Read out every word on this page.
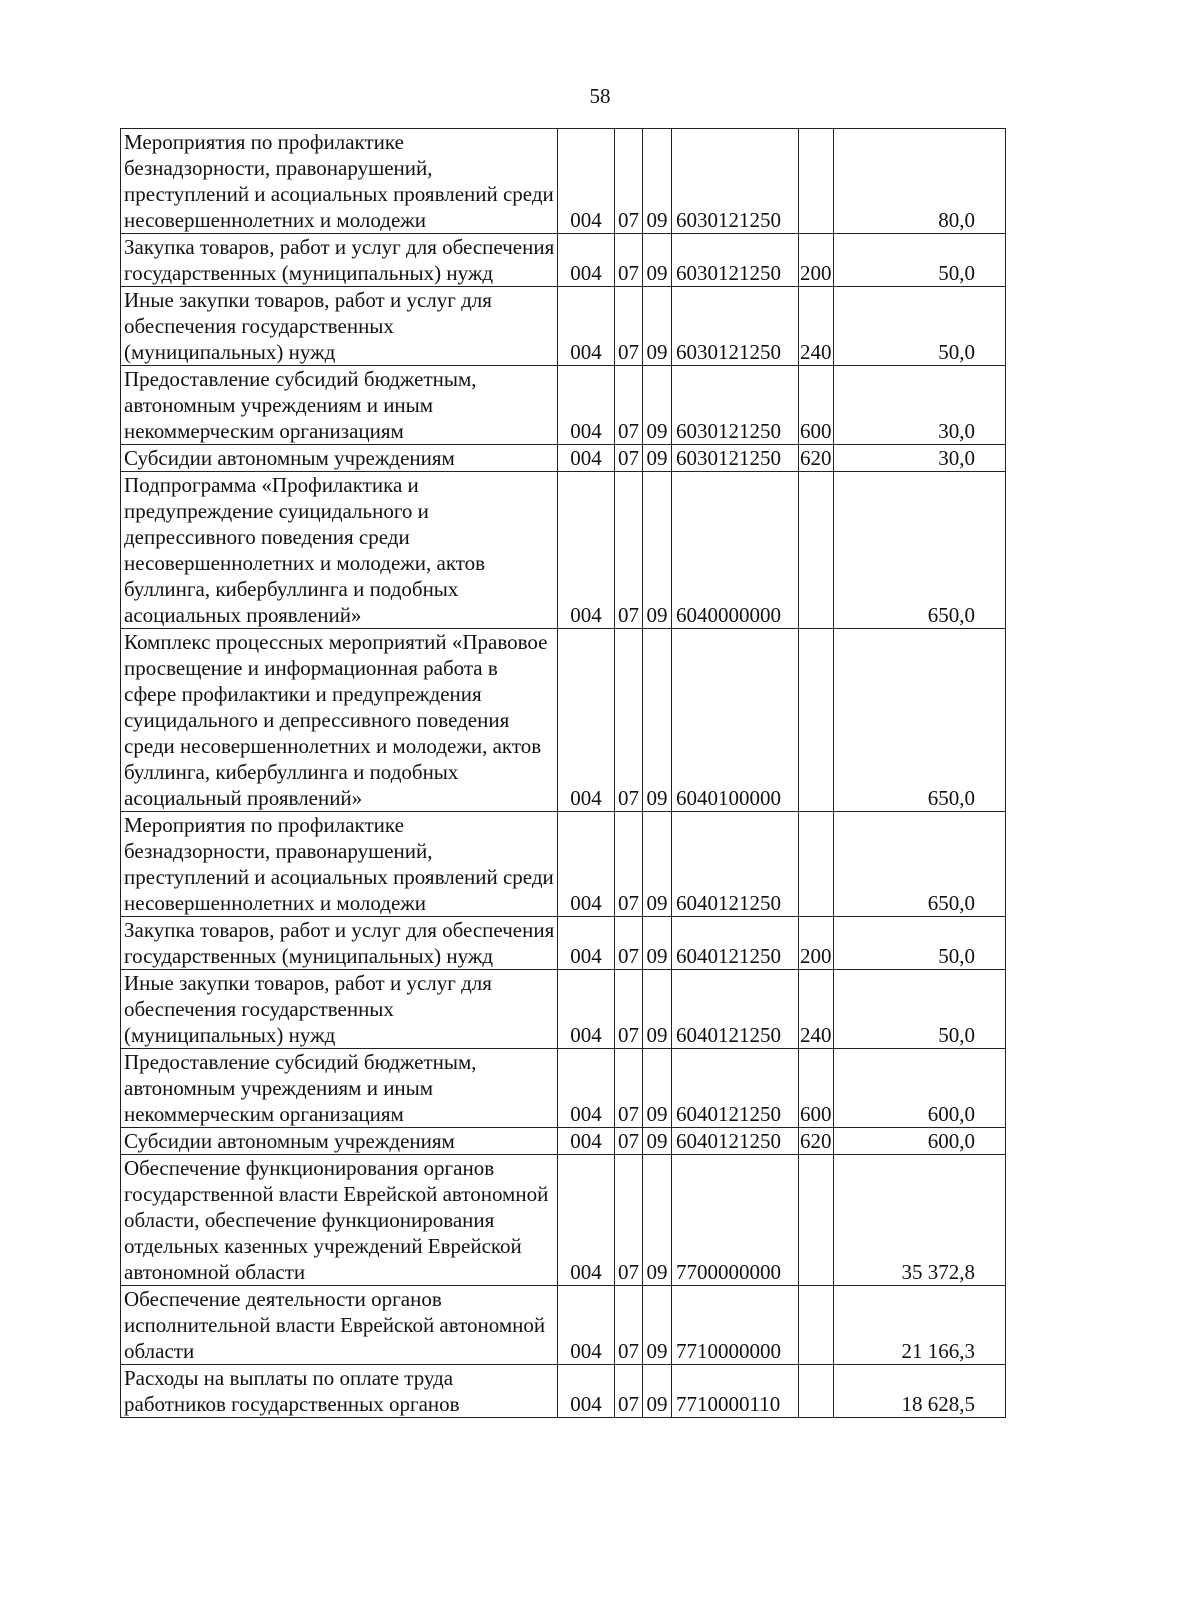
58
Мероприятия по профилактике безнадзорности, правонарушений, преступлений и асоциальных проявлений среди несовершеннолетних и молодежи	004	07	09	6030121250		80,0

Закупка товаров, работ и услуг для обеспечения государственных (муниципальных) нужд	004	07	09	6030121250	200	50,0

Иные закупки товаров, работ и услуг для обеспечения государственных (муниципальных) нужд	004	07	09	6030121250	240	50,0

Предоставление субсидий бюджетным, автономным учреждениям и иным некоммерческим организациям	004	07	09	6030121250	600	30,0

Субсидии автономным учреждениям	004	07	09	6030121250	620	30,0

Подпрограмма «Профилактика и предупреждение суицидального и депрессивного поведения среди несовершеннолетних и молодежи, актов буллинга, кибербуллинга и подобных асоциальных проявлений»	004	07	09	6040000000		650,0

Комплекс процессных мероприятий «Правовое просвещение и информационная работа в сфере профилактики и предупреждения суицидального и депрессивного поведения среди несовершеннолетних и молодежи, актов буллинга, кибербуллинга и подобных асоциальный проявлений»	004	07	09	6040100000		650,0

Мероприятия по профилактике безнадзорности, правонарушений, преступлений и асоциальных проявлений среди несовершеннолетних и молодежи	004	07	09	6040121250		650,0

Закупка товаров, работ и услуг для обеспечения государственных (муниципальных) нужд	004	07	09	6040121250	200	50,0

Иные закупки товаров, работ и услуг для обеспечения государственных (муниципальных) нужд	004	07	09	6040121250	240	50,0

Предоставление субсидий бюджетным, автономным учреждениям и иным некоммерческим организациям	004	07	09	6040121250	600	600,0

Субсидии автономным учреждениям	004	07	09	6040121250	620	600,0

Обеспечение функционирования органов государственной власти Еврейской автономной области, обеспечение функционирования отдельных казенных учреждений Еврейской автономной области	004	07	09	7700000000		35 372,8

Обеспечение деятельности органов исполнительной власти Еврейской автономной области	004	07	09	7710000000		21 166,3

Расходы на выплаты по оплате труда работников государственных органов	004	07	09	7710000110		18 628,5
